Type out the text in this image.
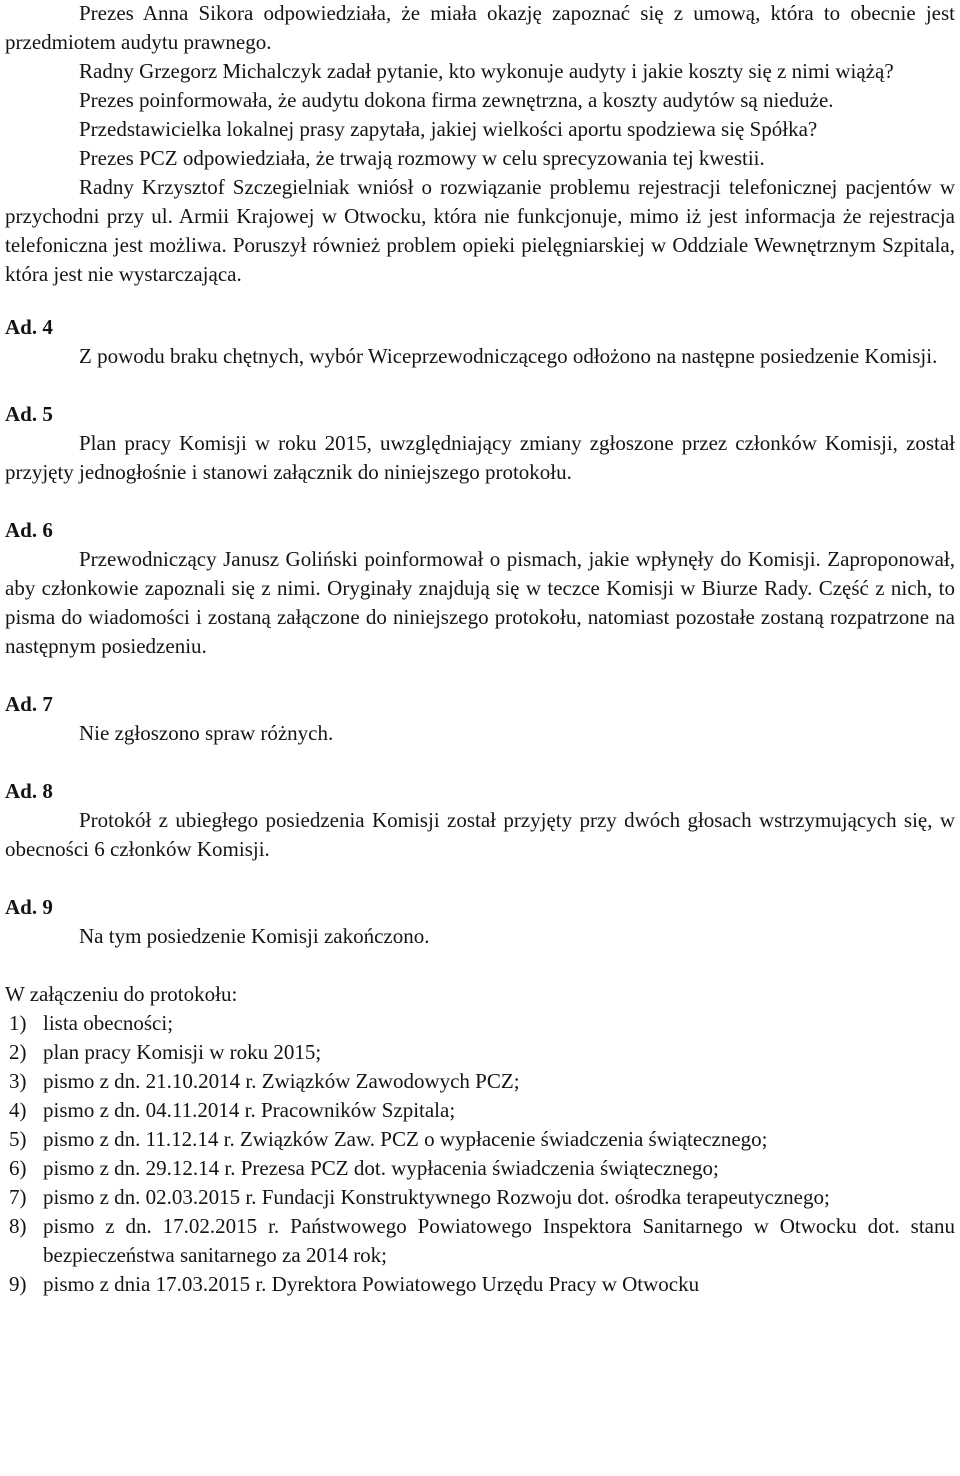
Prezes Anna Sikora odpowiedziała, że miała okazję zapoznać się z umową, która to obecnie jest przedmiotem audytu prawnego.

Radny Grzegorz Michalczyk zadał pytanie, kto wykonuje audyty i jakie koszty się z nimi wiążą?

Prezes poinformowała, że audytu dokona firma zewnętrzna, a koszty audytów są nieduże.

Przedstawicielka lokalnej prasy zapytała, jakiej wielkości aportu spodziewa się Spółka?

Prezes PCZ odpowiedziała, że trwają rozmowy w celu sprecyzowania tej kwestii.

Radny Krzysztof Szczegielniak wniósł o rozwiązanie problemu rejestracji telefonicznej pacjentów w przychodni przy ul. Armii Krajowej w Otwocku, która nie funkcjonuje, mimo iż jest informacja że rejestracja telefoniczna jest możliwa. Poruszył również problem opieki pielęgniarskiej w Oddziale Wewnętrznym Szpitala, która jest nie wystarczająca.

Ad. 4

Z powodu braku chętnych, wybór Wiceprzewodniczącego odłożono na następne posiedzenie Komisji.

Ad. 5

Plan pracy Komisji w roku 2015, uwzględniający zmiany zgłoszone przez członków Komisji, został przyjęty jednogłośnie i stanowi załącznik do niniejszego protokołu.

Ad. 6

Przewodniczący Janusz Goliński poinformował o pismach, jakie wpłynęły do Komisji. Zaproponował, aby członkowie zapoznali się z nimi. Oryginały znajdują się w teczce Komisji w Biurze Rady. Część z nich, to pisma do wiadomości i zostaną załączone do niniejszego protokołu, natomiast pozostałe zostaną rozpatrzone na następnym posiedzeniu.

Ad. 7

Nie zgłoszono spraw różnych.

Ad. 8

Protokół z ubiegłego posiedzenia Komisji został przyjęty przy dwóch głosach wstrzymujących się, w obecności 6 członków Komisji.

Ad. 9

Na tym posiedzenie Komisji zakończono.

W załączeniu do protokołu:

1) lista obecności;
2) plan pracy Komisji w roku 2015;
3) pismo z dn. 21.10.2014 r. Związków Zawodowych PCZ;
4) pismo z dn. 04.11.2014 r. Pracowników Szpitala;
5) pismo z dn. 11.12.14 r. Związków Zaw. PCZ o wypłacenie świadczenia świątecznego;
6) pismo z dn. 29.12.14 r. Prezesa PCZ dot. wypłacenia świadczenia świątecznego;
7) pismo z dn. 02.03.2015 r. Fundacji Konstruktywnego Rozwoju dot. ośrodka terapeutycznego;
8) pismo z dn. 17.02.2015 r. Państwowego Powiatowego Inspektora Sanitarnego w Otwocku dot. stanu bezpieczeństwa sanitarnego za 2014 rok;
9) pismo z dnia 17.03.2015 r. Dyrektora Powiatowego Urzędu Pracy w Otwocku
